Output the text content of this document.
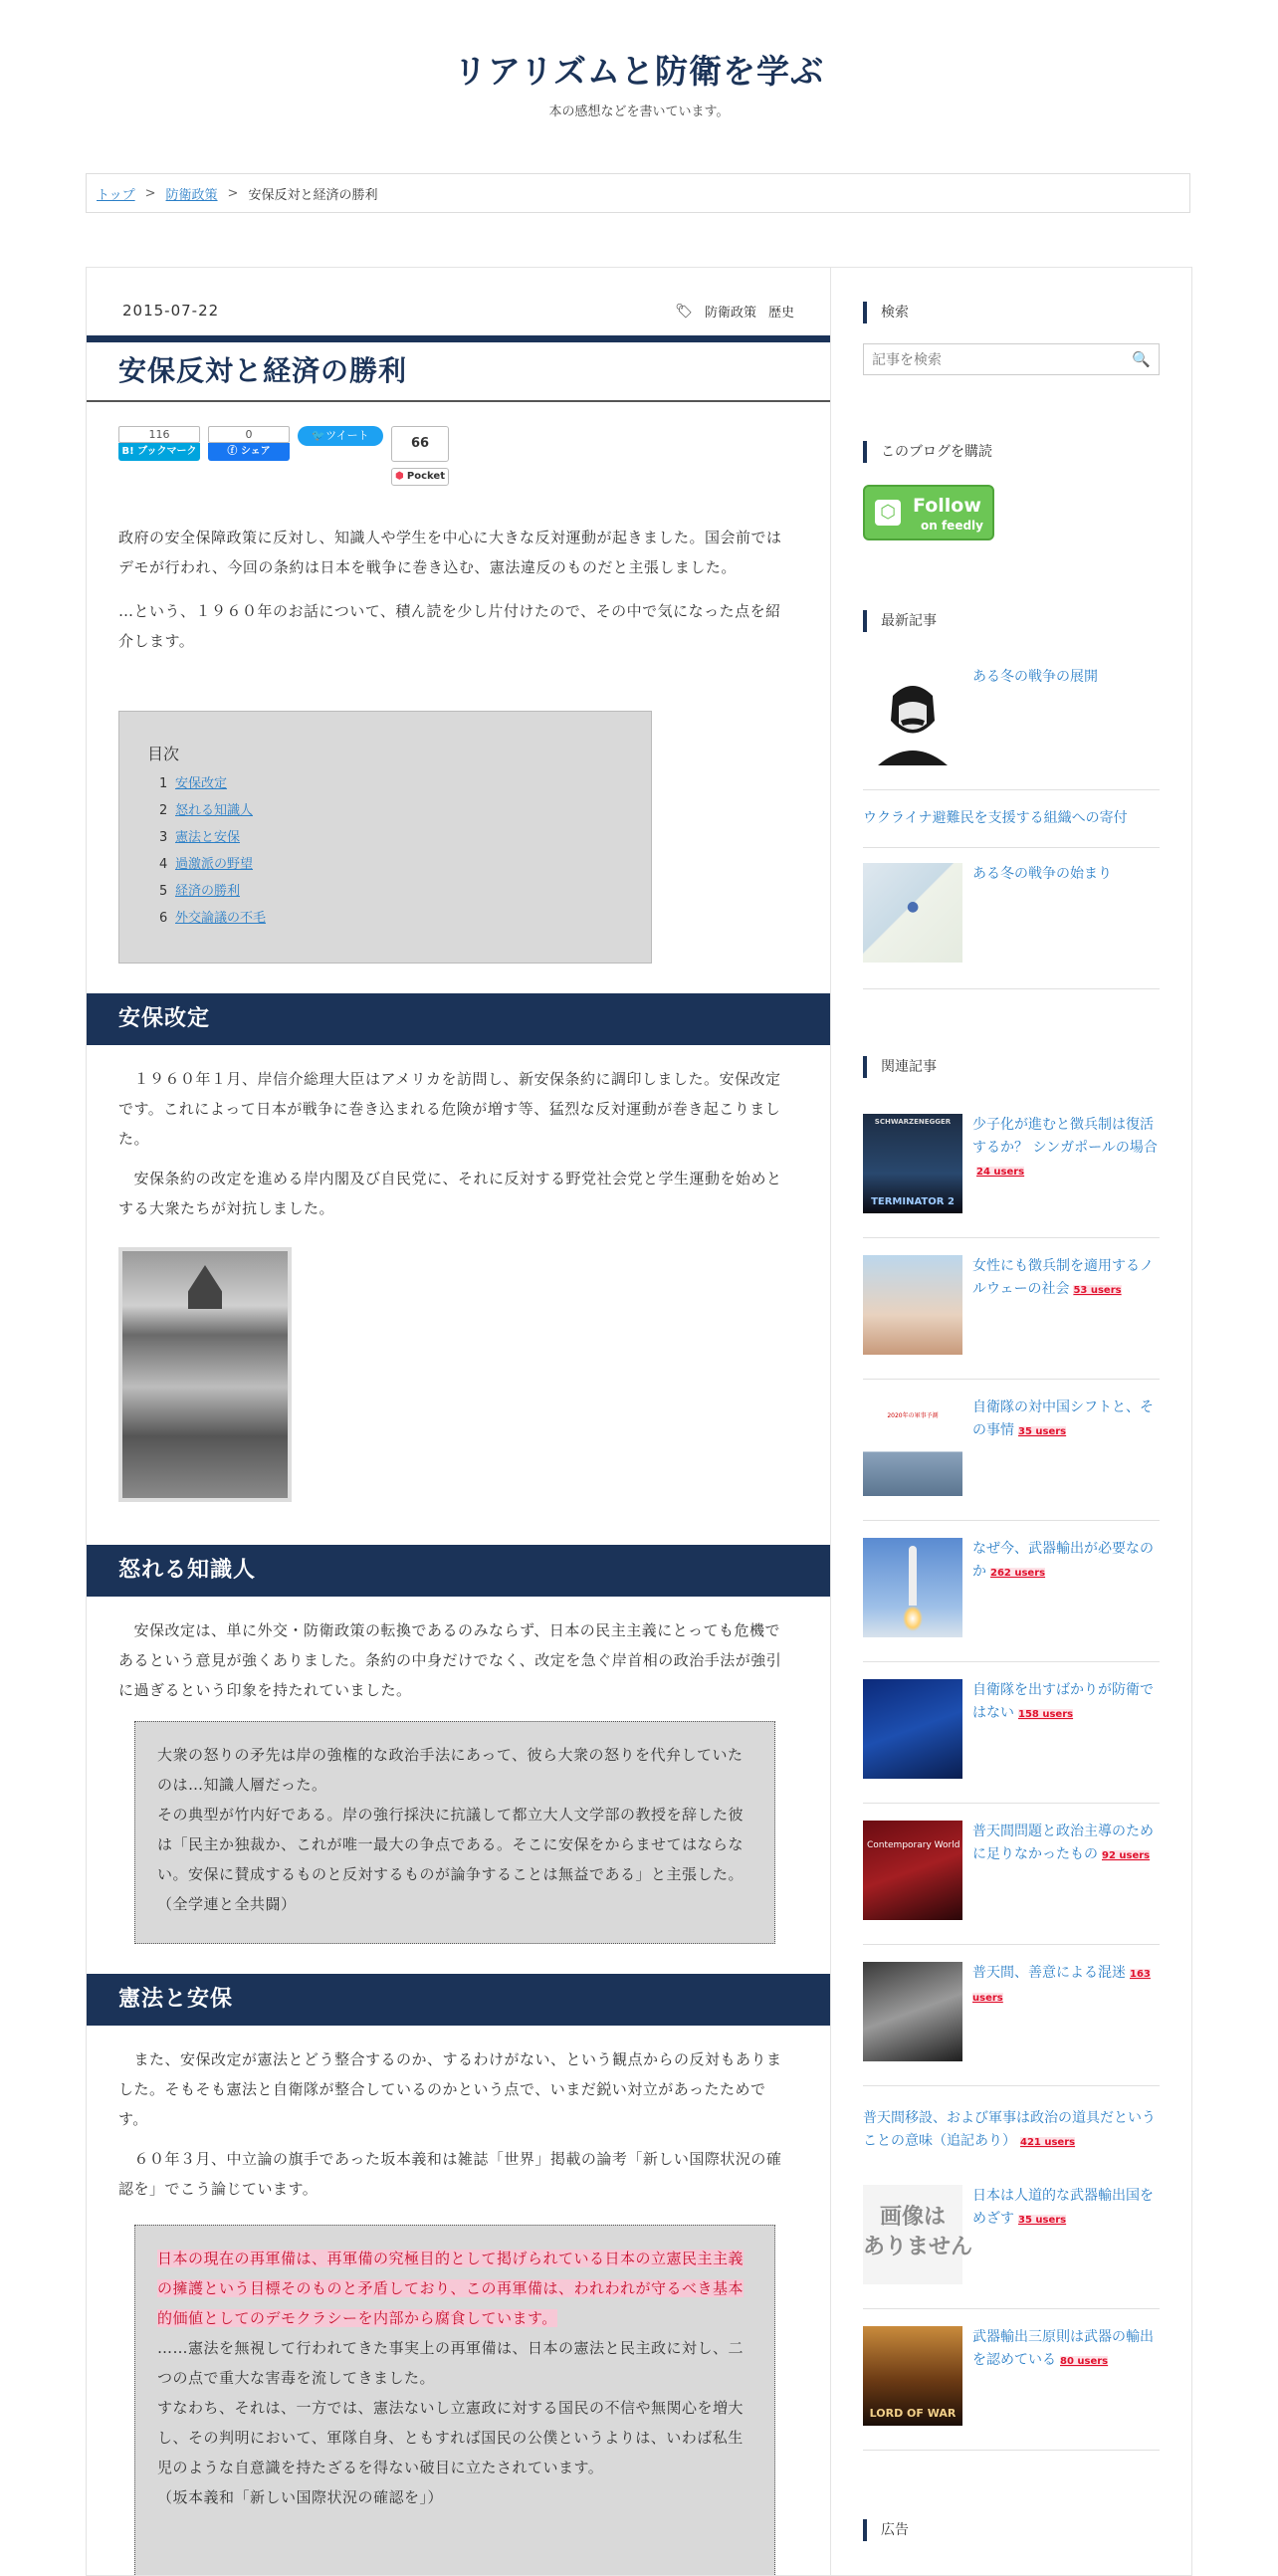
リアリズムと防衛を学ぶ
本の感想などを書いています。
トップ > 防衛政策 > 安保反対と経済の勝利
2015-07-22	🏷 防衛政策 歴史
安保反対と経済の勝利
116
B! ブックマーク
0
ⓕ シェア
🐦ツイート
66
⬢ Pocket

政府の安全保障政策に反対し、知識人や学生を中心に大きな反対運動が起きました。国会前ではデモが行われ、今回の条約は日本を戦争に巻き込む、憲法違反のものだと主張しました。

…という、１９６０年のお話について、積ん読を少し片付けたので、その中で気になった点を紹介します。

目次
1 安保改定
2 怒れる知識人
3 憲法と安保
4 過激派の野望
5 経済の勝利
6 外交論議の不毛
安保改定

　１９６０年１月、岸信介総理大臣はアメリカを訪問し、新安保条約に調印しました。安保改定です。これによって日本が戦争に巻き込まれる危険が増す等、猛烈な反対運動が巻き起こりました。

　安保条約の改定を進める岸内閣及び自民党に、それに反対する野党社会党と学生運動を始めとする大衆たちが対抗しました。

怒れる知識人

　安保改定は、単に外交・防衛政策の転換であるのみならず、日本の民主主義にとっても危機であるという意見が強くありました。条約の中身だけでなく、改定を急ぐ岸首相の政治手法が強引に過ぎるという印象を持たれていました。

大衆の怒りの矛先は岸の強権的な政治手法にあって、彼ら大衆の怒りを代弁していたのは…知識人層だった。
その典型が竹内好である。岸の強行採決に抗議して都立大人文学部の教授を辞した彼は「民主か独裁か、これが唯一最大の争点である。そこに安保をからませてはならない。安保に賛成するものと反対するものが論争することは無益である」と主張した。（全学連と全共闘）
憲法と安保

　また、安保改定が憲法とどう整合するのか、するわけがない、という観点からの反対もありました。そもそも憲法と自衛隊が整合しているのかという点で、いまだ鋭い対立があったためです。

　６０年３月、中立論の旗手であった坂本義和は雑誌「世界」掲載の論考「新しい国際状況の確認を」でこう論じています。

日本の現在の再軍備は、再軍備の究極目的として掲げられている日本の立憲民主主義の擁護という目標そのものと矛盾しており、この再軍備は、われわれが守るべき基本的価値としてのデモクラシーを内部から腐食しています。
……憲法を無視して行われてきた事実上の再軍備は、日本の憲法と民主政に対し、二つの点で重大な害毒を流してきました。
すなわち、それは、一方では、憲法ないし立憲政に対する国民の不信や無関心を増大し、その判明において、軍隊自身、ともすれば国民の公僕というよりは、いわば私生児のような自意識を持たざるを得ない破目に立たされています。
（坂本義和「新しい国際状況の確認を」）
検索
記事を検索
🔍
このブログを購読
⬡ Follow
on feedly
最新記事
ある冬の戦争の展開
ウクライナ避難民を支援する組織への寄付
●
ある冬の戦争の始まり
関連記事
SCHWARZENEGGER
TERMINATOR 2
少子化が進むと徴兵制は復活するか？ シンガポールの場合24 users
女性にも徴兵制を適用するノルウェーの社会 53 users
2020年の軍事予測
自衛隊の対中国シフトと、その事情 35 users
なぜ今、武器輸出が必要なのか 262 users
自衛隊を出すばかりが防衛ではない 158 users
Contemporary World
普天間問題と政治主導のために足りなかったもの 92 users
普天間、善意による混迷 163 users
普天間移設、および軍事は政治の道具だということの意味（追記あり） 421 users
画像は
ありません
日本は人道的な武器輸出国をめざす 35 users
LORD OF WAR
武器輸出三原則は武器の輸出を認めている 80 users
広告
